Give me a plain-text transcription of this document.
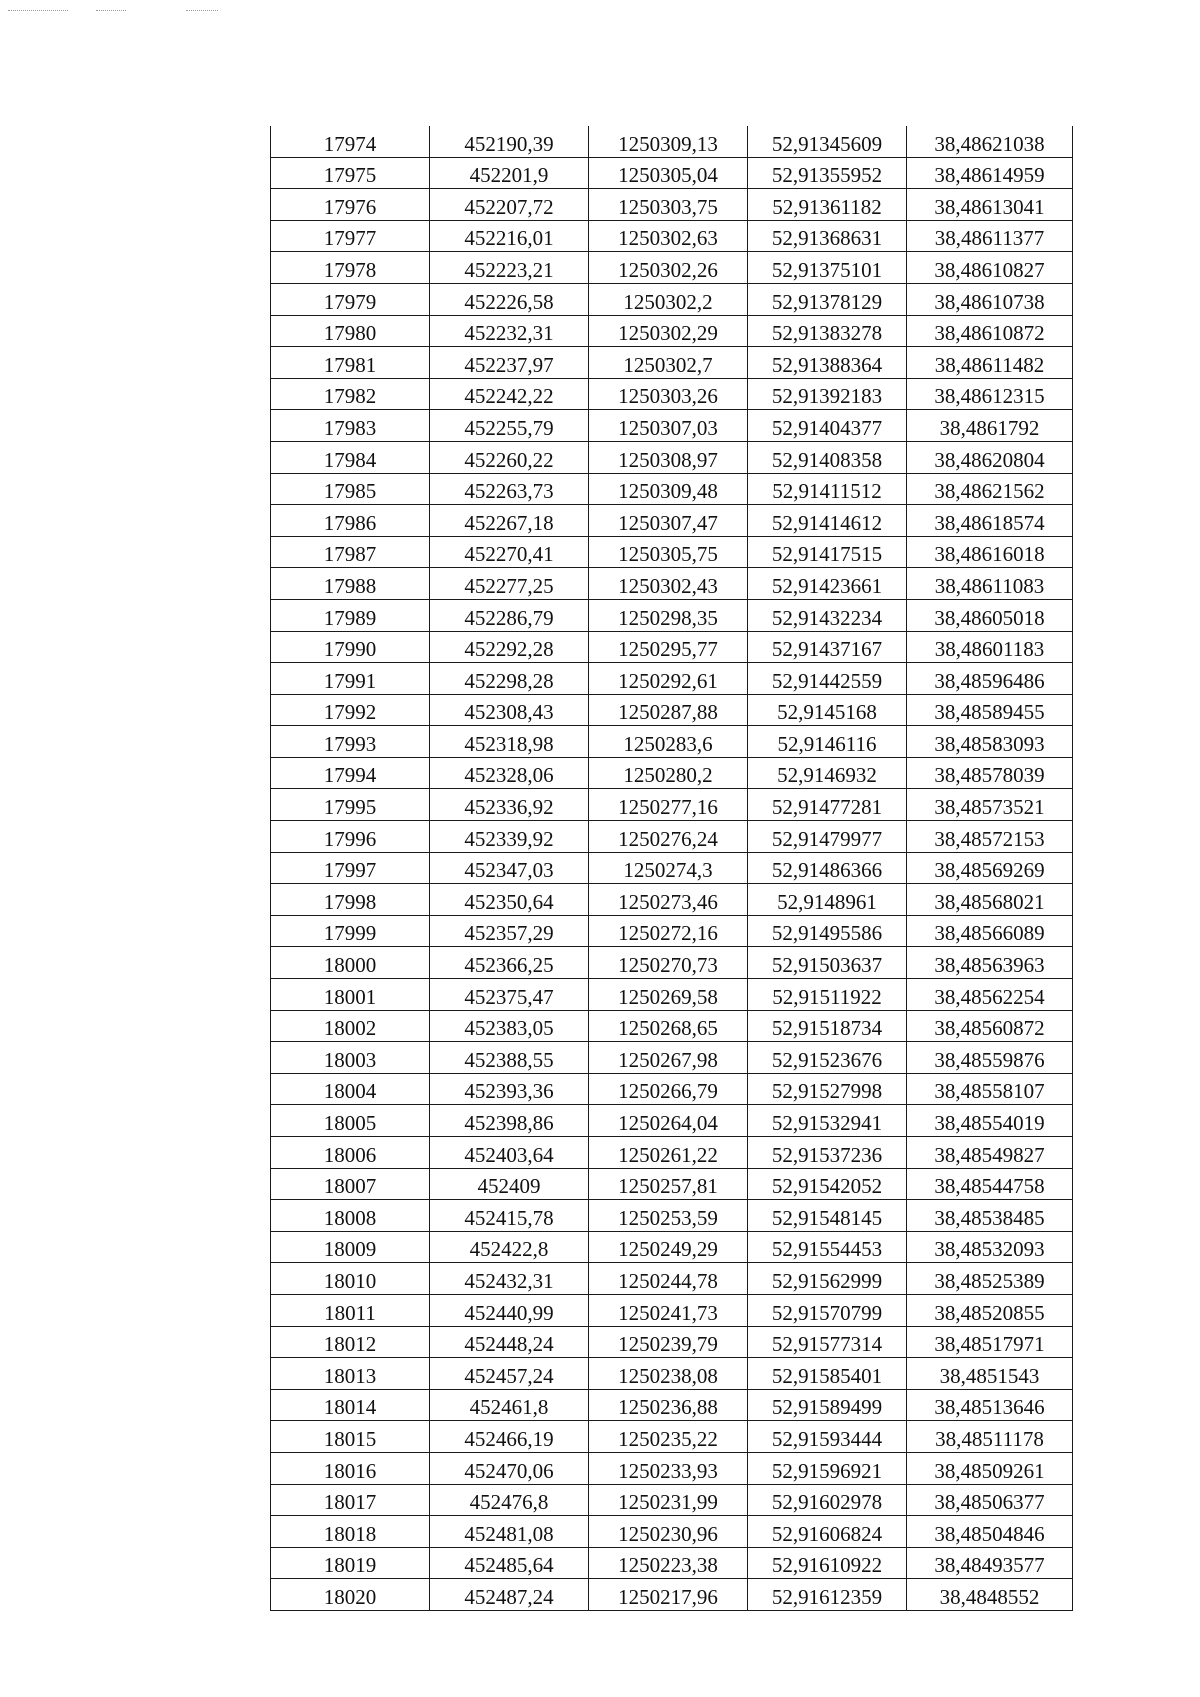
17974	452190,39	1250309,13	52,91345609	38,48621038
17975	452201,9	1250305,04	52,91355952	38,48614959
17976	452207,72	1250303,75	52,91361182	38,48613041
17977	452216,01	1250302,63	52,91368631	38,48611377
17978	452223,21	1250302,26	52,91375101	38,48610827
17979	452226,58	1250302,2	52,91378129	38,48610738
17980	452232,31	1250302,29	52,91383278	38,48610872
17981	452237,97	1250302,7	52,91388364	38,48611482
17982	452242,22	1250303,26	52,91392183	38,48612315
17983	452255,79	1250307,03	52,91404377	38,4861792
17984	452260,22	1250308,97	52,91408358	38,48620804
17985	452263,73	1250309,48	52,91411512	38,48621562
17986	452267,18	1250307,47	52,91414612	38,48618574
17987	452270,41	1250305,75	52,91417515	38,48616018
17988	452277,25	1250302,43	52,91423661	38,48611083
17989	452286,79	1250298,35	52,91432234	38,48605018
17990	452292,28	1250295,77	52,91437167	38,48601183
17991	452298,28	1250292,61	52,91442559	38,48596486
17992	452308,43	1250287,88	52,9145168	38,48589455
17993	452318,98	1250283,6	52,9146116	38,48583093
17994	452328,06	1250280,2	52,9146932	38,48578039
17995	452336,92	1250277,16	52,91477281	38,48573521
17996	452339,92	1250276,24	52,91479977	38,48572153
17997	452347,03	1250274,3	52,91486366	38,48569269
17998	452350,64	1250273,46	52,9148961	38,48568021
17999	452357,29	1250272,16	52,91495586	38,48566089
18000	452366,25	1250270,73	52,91503637	38,48563963
18001	452375,47	1250269,58	52,91511922	38,48562254
18002	452383,05	1250268,65	52,91518734	38,48560872
18003	452388,55	1250267,98	52,91523676	38,48559876
18004	452393,36	1250266,79	52,91527998	38,48558107
18005	452398,86	1250264,04	52,91532941	38,48554019
18006	452403,64	1250261,22	52,91537236	38,48549827
18007	452409	1250257,81	52,91542052	38,48544758
18008	452415,78	1250253,59	52,91548145	38,48538485
18009	452422,8	1250249,29	52,91554453	38,48532093
18010	452432,31	1250244,78	52,91562999	38,48525389
18011	452440,99	1250241,73	52,91570799	38,48520855
18012	452448,24	1250239,79	52,91577314	38,48517971
18013	452457,24	1250238,08	52,91585401	38,4851543
18014	452461,8	1250236,88	52,91589499	38,48513646
18015	452466,19	1250235,22	52,91593444	38,48511178
18016	452470,06	1250233,93	52,91596921	38,48509261
18017	452476,8	1250231,99	52,91602978	38,48506377
18018	452481,08	1250230,96	52,91606824	38,48504846
18019	452485,64	1250223,38	52,91610922	38,48493577
18020	452487,24	1250217,96	52,91612359	38,4848552
